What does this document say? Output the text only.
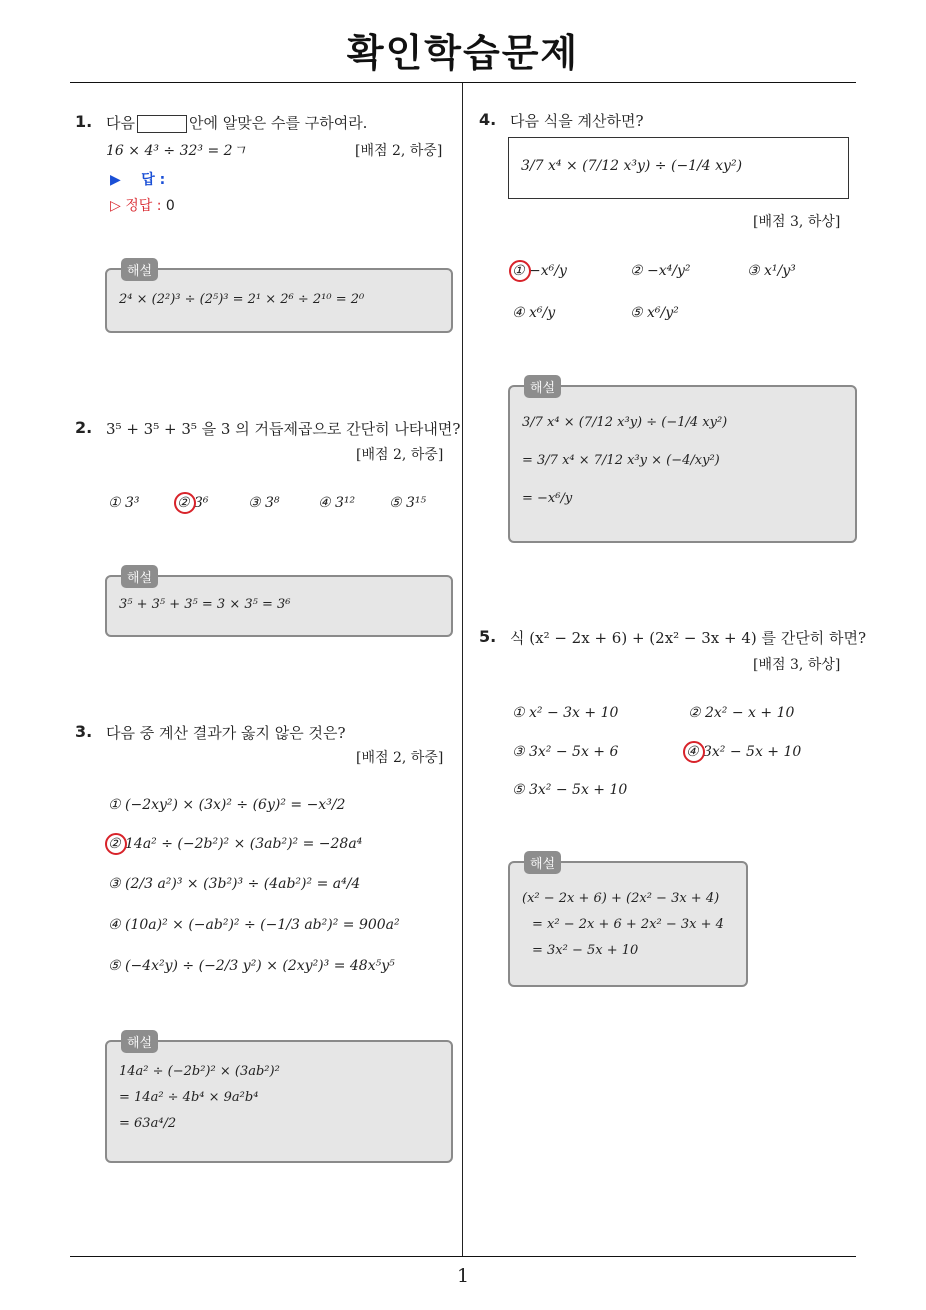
확인학습문제
1
1. 다음	안에 알맞은 수를 구하여라.
16 × 4³ ÷ 32³ = 2ㄱ	[배점 2, 하중]
▶ 답 :
▷ 정답 : 0
해설
2⁴ × (2²)³ ÷ (2⁵)³ = 2¹ × 2⁶ ÷ 2¹⁰ = 2⁰
2. 3⁵ + 3⁵ + 3⁵ 을 3 의 거듭제곱으로 간단히 나타내면?
[배점 2, 하중]
① 3³	② 3⁶	③ 3⁸	④ 3¹² ⑤ 3¹⁵
해설
3⁵ + 3⁵ + 3⁵ = 3 × 3⁵ = 3⁶
3. 다음 중 계산 결과가 옳지 않은 것은?
[배점 2, 하중]
① (−2xy²) × (3x)² ÷ (6y)² = −x³/2
② 14a² ÷ (−2b²)² × (3ab²)² = −28a⁴
③ (2/3 a²)³ × (3b²)³ ÷ (4ab²)² = a⁴/4
④ (10a)² × (−ab²)² ÷ (−1/3 ab²)² = 900a²
⑤ (−4x²y) ÷ (−2/3 y²) × (2xy²)³ = 48x⁵y⁵
해설
14a² ÷ (−2b²)² × (3ab²)²
= 14a² ÷ 4b⁴ × 9a²b⁴
= 63a⁴/2
4. 다음 식을 계산하면?
3/7 x⁴ × (7/12 x³y) ÷ (−1/4 xy²)
[배점 3, 하상]
① −x⁶/y	② −x⁴/y²	③ x¹/y³
④ x⁶/y	⑤ x⁶/y²
해설
3/7 x⁴ × (7/12 x³y) ÷ (−1/4 xy²)
= 3/7 x⁴ × 7/12 x³y × (−4/xy²)
= −x⁶/y
5. 식 (x² − 2x + 6) + (2x² − 3x + 4) 를 간단히 하면?
[배점 3, 하상]
① x² − 3x + 10	② 2x² − x + 10
③ 3x² − 5x + 6	④ 3x² − 5x + 10
⑤ 3x² − 5x + 10
해설
(x² − 2x + 6) + (2x² − 3x + 4)
= x² − 2x + 6 + 2x² − 3x + 4
= 3x² − 5x + 10
